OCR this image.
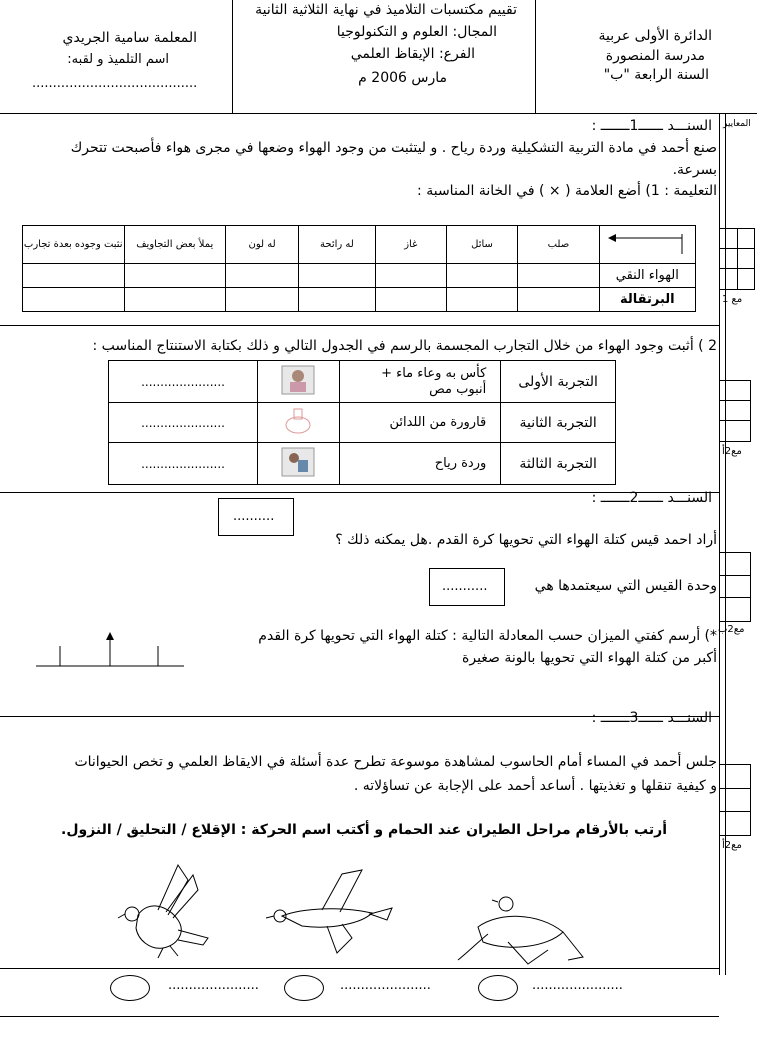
الدائرة الأولى عربية
مدرسة المنصورة
السنة الرابعة "ب"
تقييم مكتسبات التلاميذ في نهاية الثلاثية الثانية
المجال: العلوم و التكنولوجيا
الفرع: الإيقاظ العلمي
مارس 2006 م
المعلمة سامية الجريدي
اسم التلميذ و لقبه:
........................................
المعايير
مع 1
مع2أ
مع2ب
مع2أ
السنـــد ــــــ1ـــــــ :
صنع أحمد في مادة التربية التشكيلية وردة رياح . و ليتثبت من وجود الهواء وضعها في مجرى هواء فأصبحت تتحرك
بسرعة.
التعليمة : 1) أضع العلامة ( × ) في الخانة المناسبة :
	صلب	سائل	غاز	له رائحة	له لون	يملأ بعض التجاويف	نثبت وجوده بعدة تجارب
الهواء النقي							
البرتقالة							
2 ) أثبت وجود الهواء من خلال التجارب المجسمة بالرسم في الجدول التالي و ذلك بكتابة الاستنتاج المناسب :
التجربة الأولى	كأس به وعاء ماء +
أنبوب مص		......................
التجربة الثانية	قارورة من اللدائن		......................
التجربة الثالثة	وردة رياح		......................
السنـــد ــــــ2ـــــــ :
..........
أراد احمد قيس كتلة الهواء التي تحويها كرة القدم .هل يمكنه ذلك ؟
وحدة القيس التي سيعتمدها هي
...........
*) أرسم كفتي الميزان حسب المعادلة التالية : كتلة الهواء التي تحويها كرة القدم
أكبر من كتلة الهواء التي تحويها بالونة صغيرة
السنـــد ــــــ3ـــــــ :
جلس أحمد في المساء أمام الحاسوب لمشاهدة موسوعة تطرح عدة أسئلة في الايقاظ العلمي و تخص الحيوانات
و كيفية تنقلها و تغذيتها . أساعد أحمد على الإجابة عن تساؤلاته .
أرتب بالأرقام مراحل الطيران عند الحمام و أكتب اسم الحركة : الإقلاع / التحليق / النزول.
......................	......................	......................
